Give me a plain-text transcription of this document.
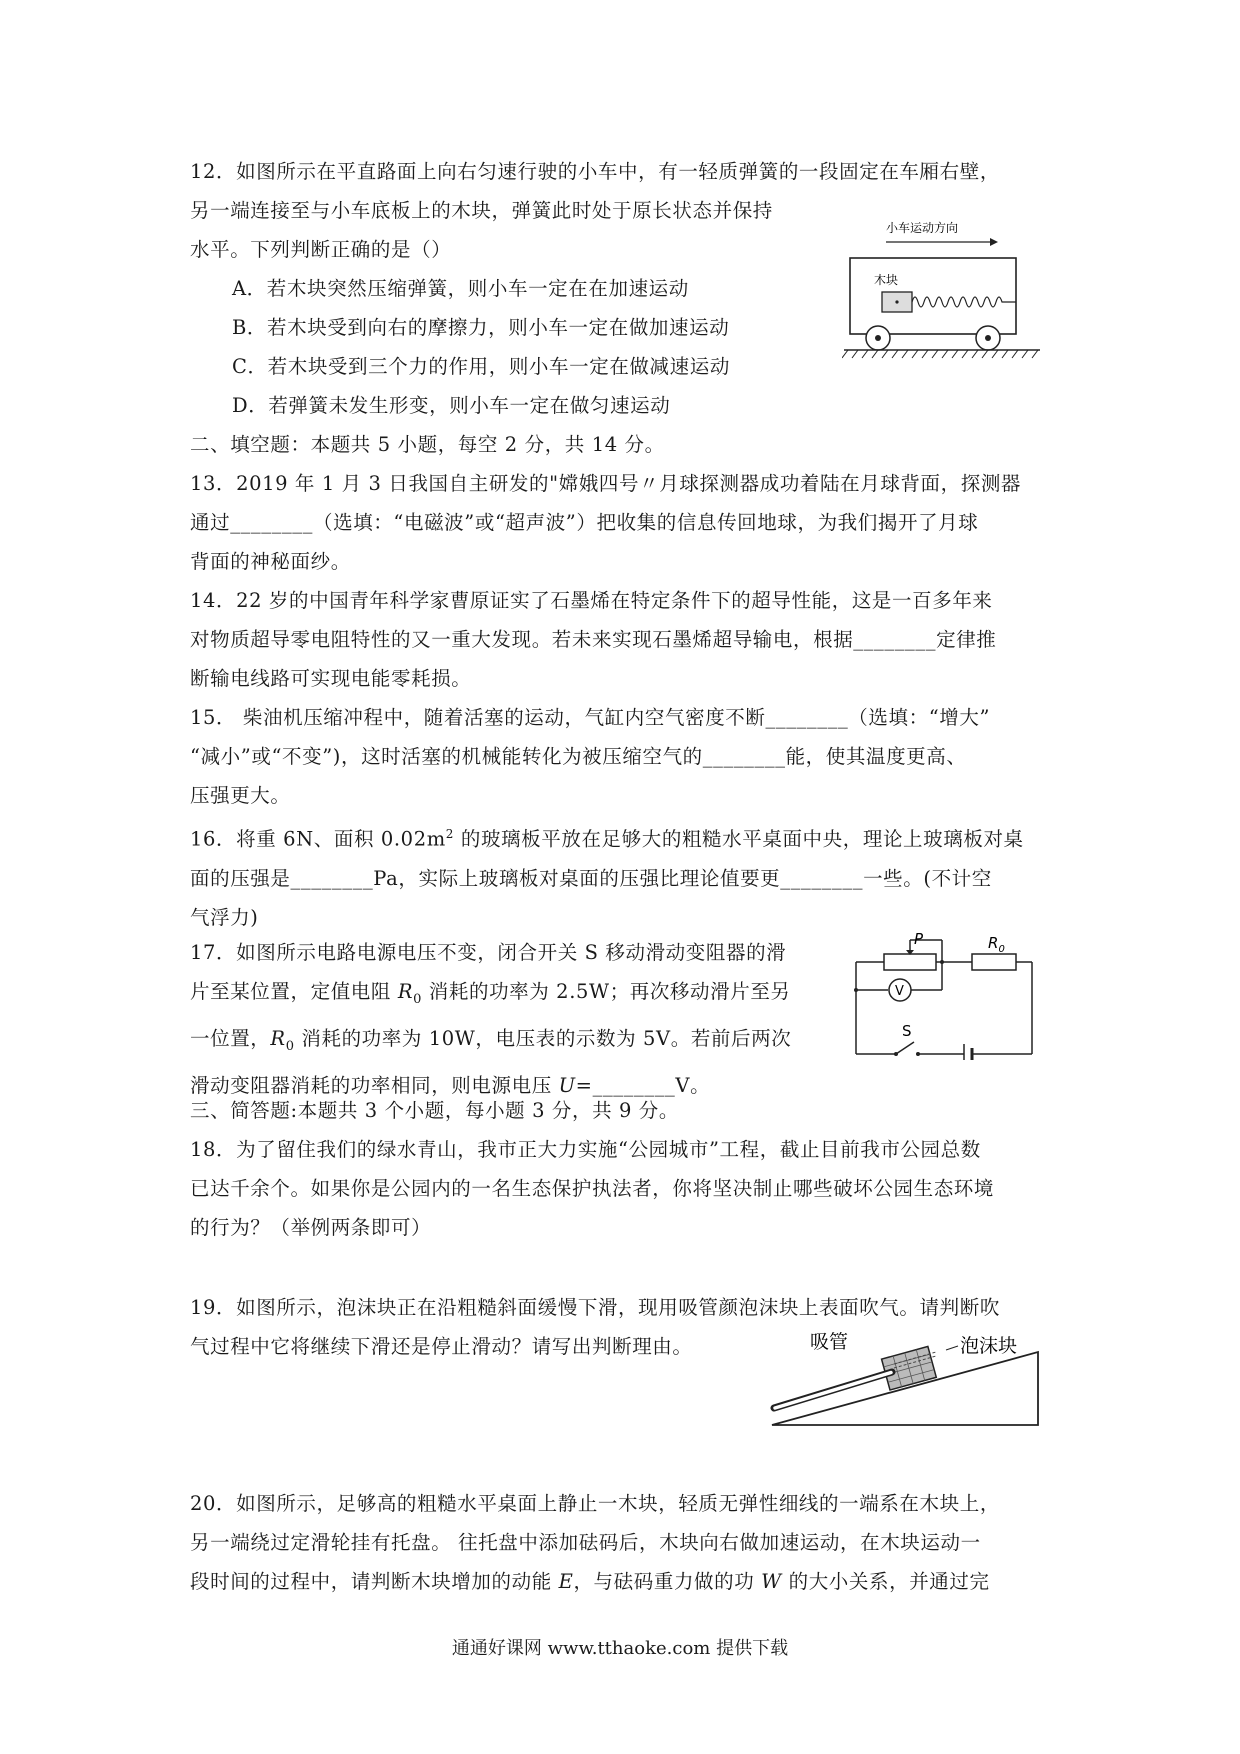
12．如图所示在平直路面上向右匀速行驶的小车中，有一轻质弹簧的一段固定在车厢右壁，

另一端连接至与小车底板上的木块，弹簧此时处于原长状态并保持

水平。下列判断正确的是（）

A．若木块突然压缩弹簧，则小车一定在在加速运动

B．若木块受到向右的摩擦力，则小车一定在做加速运动

C．若木块受到三个力的作用，则小车一定在做减速运动

D．若弹簧未发生形变，则小车一定在做匀速运动

小车运动方向
木块

二、填空题：本题共 5 小题，每空 2 分，共 14 分。

13．2019 年 1 月 3 日我国自主研发的"嫦娥四号〃月球探测器成功着陆在月球背面，探测器

通过________（选填：“电磁波”或“超声波”）把收集的信息传回地球，为我们揭开了月球

背面的神秘面纱。

14．22 岁的中国青年科学家曹原证实了石墨烯在特定条件下的超导性能，这是一百多年来

对物质超导零电阻特性的又一重大发现。若未来实现石墨烯超导输电，根据________定律推

断输电线路可实现电能零耗损。

15． 柴油机压缩冲程中，随着活塞的运动，气缸内空气密度不断________（选填：“增大”

“减小”或“不变”)，这时活塞的机械能转化为被压缩空气的________能，使其温度更高、

压强更大。

16．将重 6N、面积 $0.02m^2$ 的玻璃板平放在足够大的粗糙水平桌面中央，理论上玻璃板对桌

面的压强是________Pa，实际上玻璃板对桌面的压强比理论值要更________一些。(不计空

气浮力)

17．如图所示电路电源电压不变，闭合开关 S 移动滑动变阻器的滑

片至某位置，定值电阻 $R_0$ 消耗的功率为 2.5W；再次移动滑片至另

一位置，$R_0$ 消耗的功率为 10W，电压表的示数为 5V。若前后两次

滑动变阻器消耗的功率相同，则电源电压 U=________V。

P	$R_0$
V
S

三、简答题:本题共 3 个小题，每小题 3 分，共 9 分。

18．为了留住我们的绿水青山，我市正大力实施“公园城市”工程，截止目前我市公园总数

已达千余个。如果你是公园内的一名生态保护执法者，你将坚决制止哪些破坏公园生态环境

的行为？（举例两条即可）

19．如图所示，泡沫块正在沿粗糙斜面缓慢下滑，现用吸管颜泡沫块上表面吹气。请判断吹

气过程中它将继续下滑还是停止滑动？请写出判断理由。	吸管	泡沫块

20．如图所示，足够高的粗糙水平桌面上静止一木块，轻质无弹性细线的一端系在木块上，

另一端绕过定滑轮挂有托盘。 往托盘中添加砝码后，木块向右做加速运动，在木块运动一

段时间的过程中，请判断木块增加的动能 E，与砝码重力做的功 W 的大小关系，并通过完

通通好课网 www.tthaoke.com 提供下载
